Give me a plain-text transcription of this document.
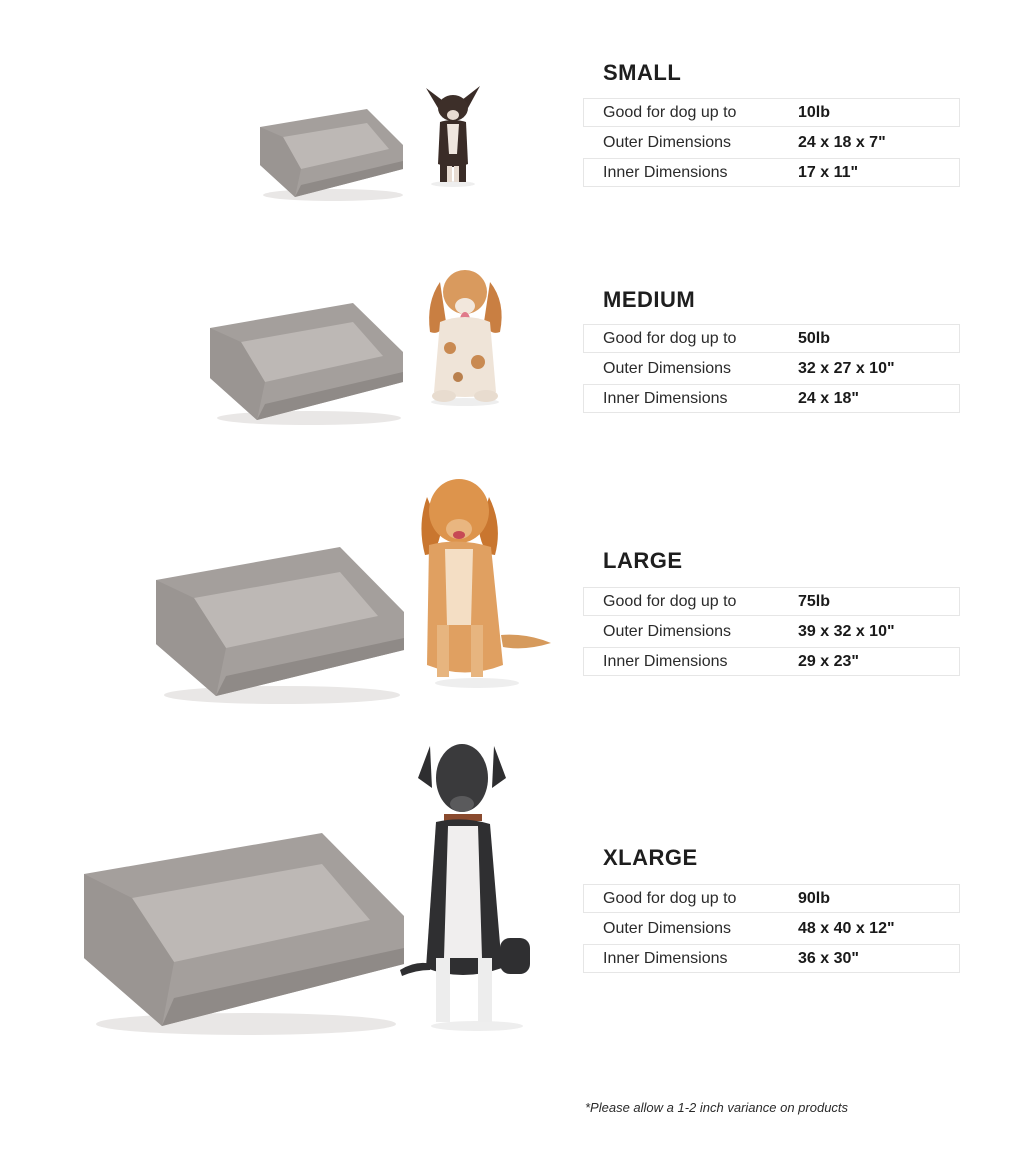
SMALL
Good for dog up to	10lb
Outer Dimensions	24 x 18 x 7"
Inner Dimensions	17 x 11"
MEDIUM
Good for dog up to	50lb
Outer Dimensions	32 x 27 x 10"
Inner Dimensions	24 x 18"
LARGE
Good for dog up to	75lb
Outer Dimensions	39 x 32 x 10"
Inner Dimensions	29 x 23"
XLARGE
Good for dog up to	90lb
Outer Dimensions	48 x 40 x 12"
Inner Dimensions	36 x 30"
*Please allow a 1-2 inch variance on products
